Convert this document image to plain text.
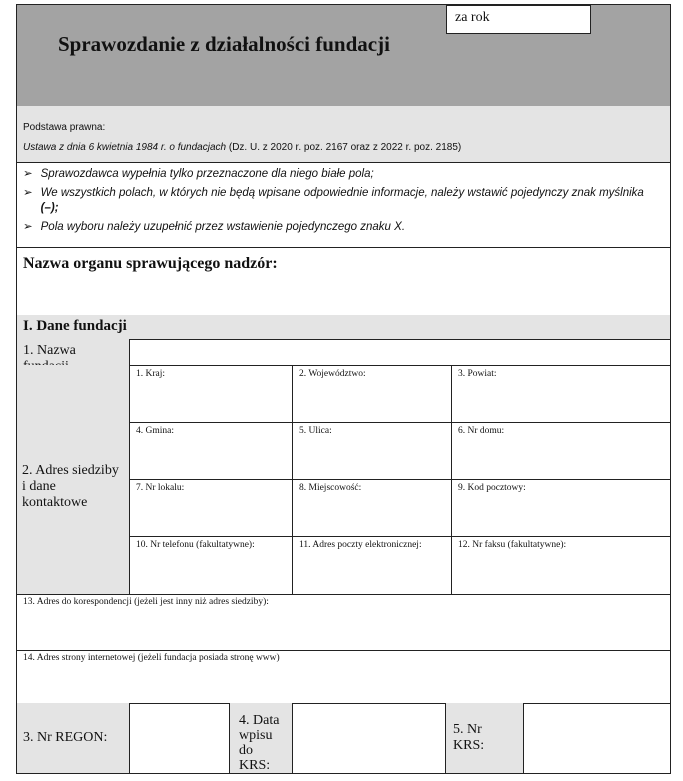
Sprawozdanie z działalności fundacji
za rok
Podstawa prawna:
Ustawa z dnia 6 kwietnia 1984 r. o fundacjach (Dz. U. z 2020 r. poz. 2167 oraz z 2022 r. poz. 2185)
➢ Sprawozdawca wypełnia tylko przeznaczone dla niego białe pola;
➢ We wszystkich polach, w których nie będą wpisane odpowiednie informacje, należy wstawić pojedynczy znak myślnika (–);
➢ Pola wyboru należy uzupełnić przez wstawienie pojedynczego znaku X.
Nazwa organu sprawującego nadzór:
I. Dane fundacji
1. Nazwa
2. Adres siedziby i dane kontaktowe
1. Kraj:	2. Województwo:	3. Powiat:
4. Gmina:	5. Ulica:	6. Nr domu:
7. Nr lokalu:	8. Miejscowość:	9. Kod pocztowy:
10. Nr telefonu (fakultatywne):	11. Adres poczty elektronicznej:	12. Nr faksu (fakultatywne):
13. Adres do korespondencji (jeżeli jest inny niż adres siedziby):
14. Adres strony internetowej (jeżeli fundacja posiada stronę www)
3. Nr REGON:
4. Data wpisu do KRS:
5. Nr KRS:
